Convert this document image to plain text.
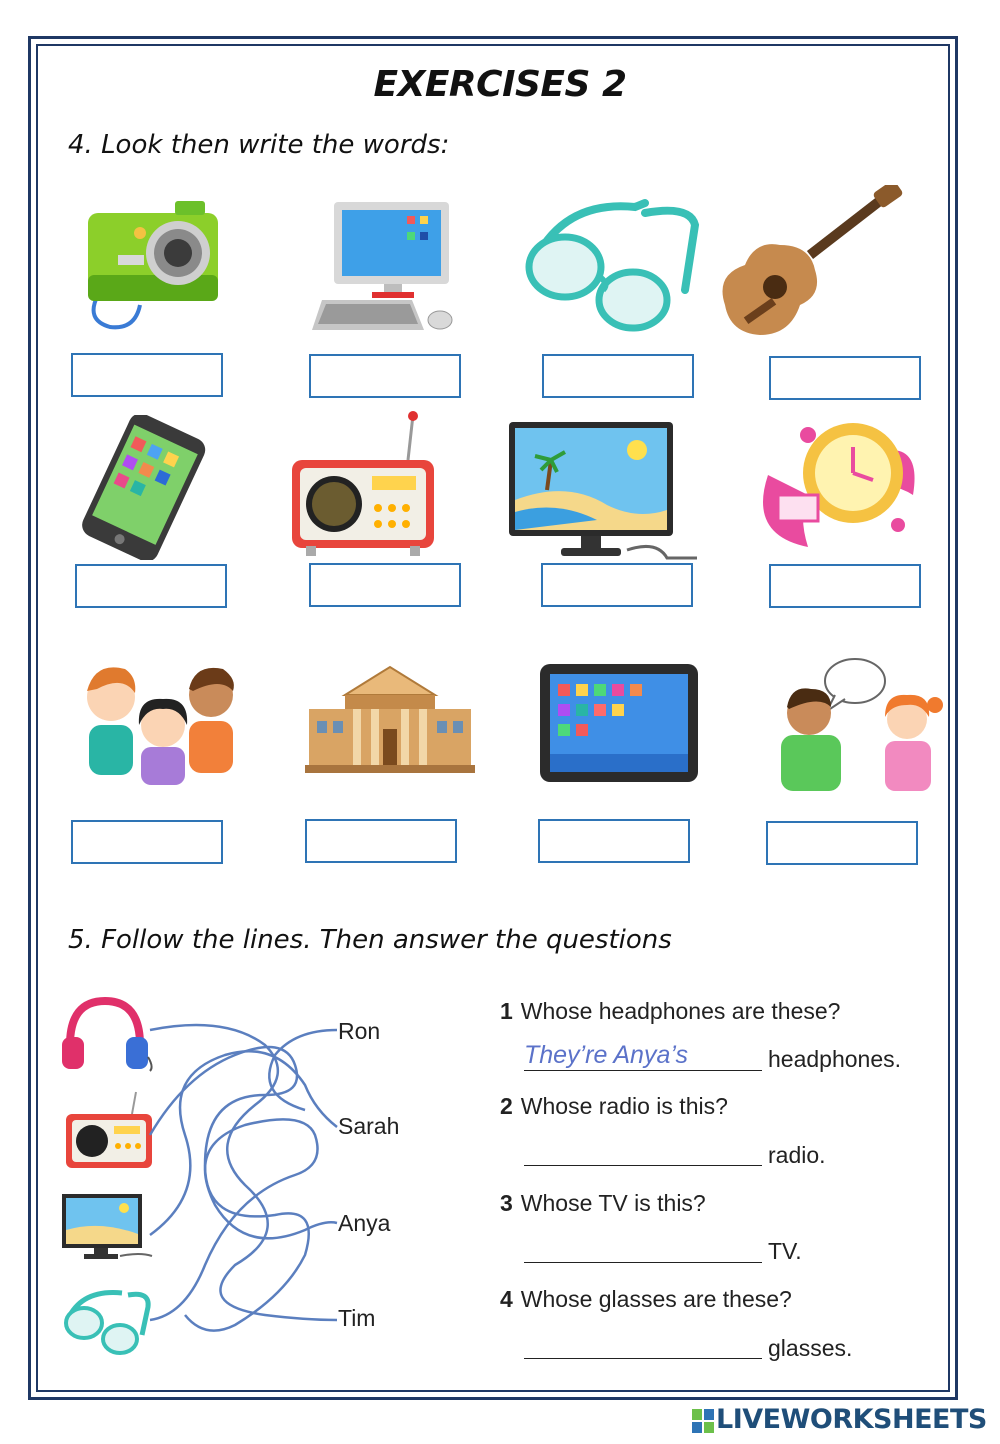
EXERCISES 2
4. Look then write the words:
5. Follow the lines. Then answer the questions
Ron
Sarah
Anya
Tim
1 Whose headphones are these?
They’re Anya’s	headphones.
2 Whose radio is this?
radio.
3 Whose TV is this?
TV.
4 Whose glasses are these?
glasses.
LIVEWORKSHEETS
